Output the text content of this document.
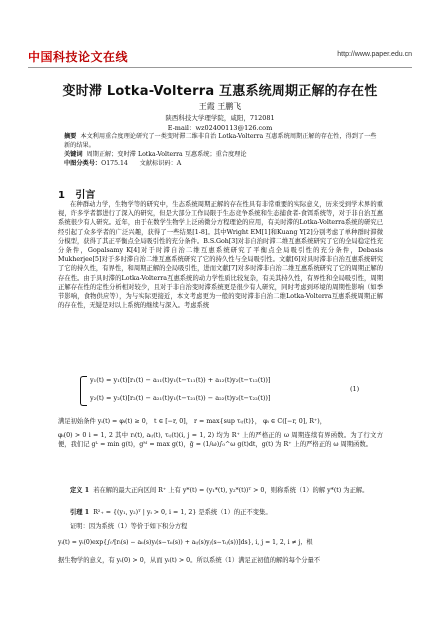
中国科技论文在线	http://www.paper.edu.cn
变时滞 Lotka-Volterra 互惠系统周期正解的存在性
王霞 王鹏飞
陕西科技大学理学院，咸阳，712081
E-mail：wz02400113@126.com
摘要 本文利用重合度理论研究了一类变时滞二维非自治 Lotka-Volterra 互惠系统周期正解的存在性，得到了一些新的结果。
关键词 周期正解；变时滞 Lotka-Volterra 互惠系统；重合度理论
中图分类号：O175.14 文献标识码：A
1 引言
在种群动力学，生物学等的研究中，生态系统周期正解的存在性具有非常重要的实际意义，历来受到学术界的重视，许多学者都进行了深入的研究，但是大部分工作局限于生态竞争系统和生态捕食者-食饵系统等，对于非自治互惠系统很少有人研究。近年，由于在数学生物学上泛函微分方程理论的应用，有关时滞的Lotka-Volterra系统的研究已经引起了众多学者的广泛兴趣，获得了一些结果[1-8]。其中Wright EM[1]和Kuang Y[2]分别考虑了单种群时滞微分模型，获得了其正平衡点全局吸引性的充分条件。B.S.Goh[3]对非自治时滞二维互惠系统研究了它的全局稳定性充分条件，Gopalsamy K[4]对于时滞自治二维互惠系统研究了平衡点全局吸引性的充分条件，Debasis Mukherjee[5]对于多时滞自治二维互惠系统研究了它的持久性与全局吸引性。文献[6]对具时滞非自治互惠系统研究了它的持久性，有界性，和周期正解的全局吸引性，进而文献[7]对多时滞非自治二维互惠系统研究了它的周期正解的存在性。由于具时滞的Lotka-Volterra互惠系统的动力学性质比较复杂，有关其持久性，有界性和全局吸引性，周期正解存在性的定性分析相对较少，且对于非自治变时滞系统更是很少有人研究，同时考虑到环境的周期性影响（如季节影响，食物供应等），为与实际更接近，本文考虑更为一般的变时滞非自治二维Lotka-Volterra互惠系统周期正解的存在性，无疑是对以上系统的继续与深入。考虑系统
y₁(t) = y₁(t)[r₁(t) − a₁₁(t)y₁(t−τ₁₁(t)) + a₁₂(t)y₂(t−τ₁₂(t))]
y₂(t) = y₂(t)[r₂(t) − a₂₁(t)y₁(t−τ₂₁(t)) − a₂₂(t)y₂(t−τ₂₂(t))]
(1)
满足初始条件 yᵢ(t) = φᵢ(t) ≥ 0， t ∈ [−r, 0]， r = max{sup τᵢⱼ(t)}， φᵢ ∈ C([−r, 0], R⁺)，
φᵢ(0) > 0 i = 1, 2 其中 rᵢ(t), aᵢⱼ(t), τᵢⱼ(t)(i, j = 1, 2) 均为 R⁺ 上的严格正的 ω 周期连续有界函数。为了行文方便，我们记 gᴸ = min g(t)，gᴹ = max g(t)，ḡ = (1/ω)∫₀^ω g(t)dt，g(t) 为 R⁺ 上的严格正的 ω 周期函数。
定义 1 若在解的最大正向区间 R⁺ 上有 y*(t) = (y₁*(t), y₂*(t))ᵀ > 0，则称系统（1）的解 y*(t) 为正解。
引理 1 R²₊ = {(y₁, y₂)ᵀ | yᵢ > 0, i = 1, 2} 是系统（1）的正不变集。
证明：因为系统（1）等价于如下积分方程
yᵢ(t) = yᵢ(0)exp{∫₀ᵗ[rᵢ(s) − aᵢᵢ(s)yᵢ(s−τᵢᵢ(s)) + aᵢⱼ(s)yⱼ(s−τᵢⱼ(s))]ds}, i, j = 1, 2, i ≠ j，根
据生物学的意义，有 yᵢ(0) > 0，从而 yᵢ(t) > 0。所以系统（1）满足正初值的解的每个分量不
